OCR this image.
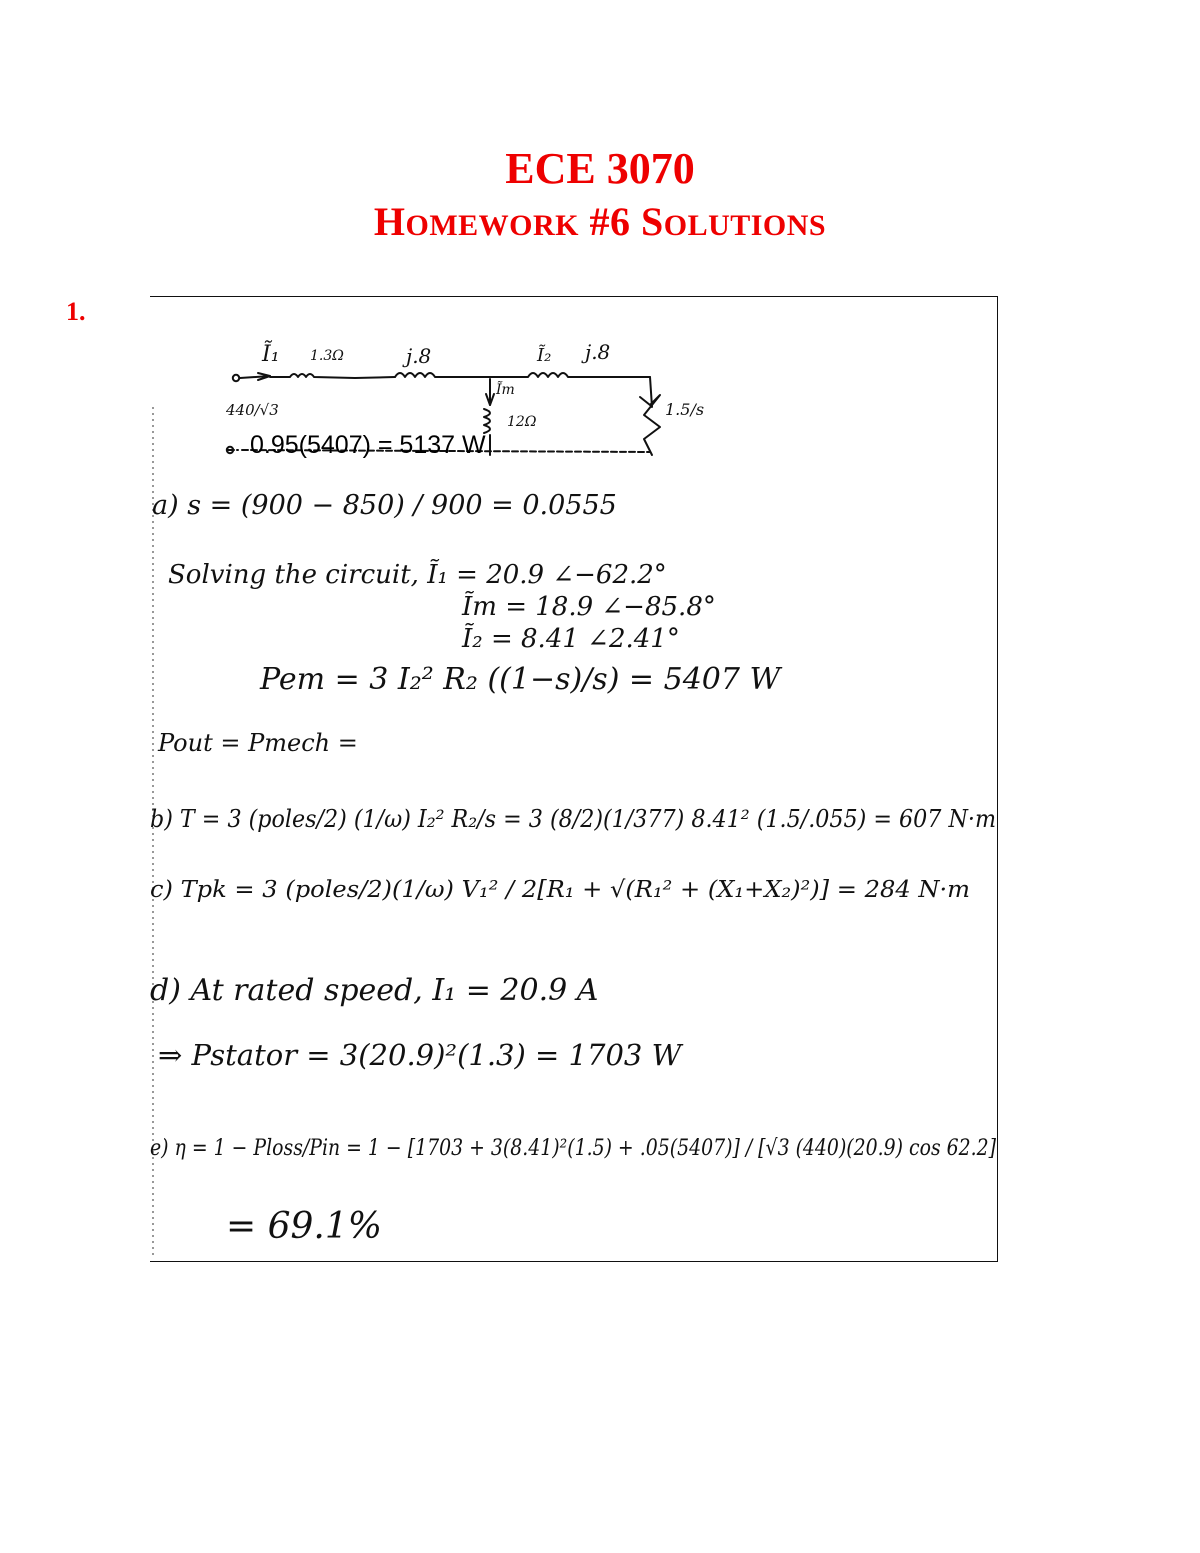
ECE 3070
HOMEWORK #6 SOLUTIONS
1.
Ĩ₁ 1.3Ω	j.8	Ĩ₂ j.8
Ĩm
12Ω
440/√3	1.5/s
a) s = (900 − 850) / 900 = 0.0555
Solving the circuit, Ĩ₁ = 20.9 ∠−62.2°
Ĩm = 18.9 ∠−85.8°
Ĩ₂ = 8.41 ∠2.41°
Pem = 3 I₂² R₂ ((1−s)/s) = 5407 W
Pout = Pmech =
b) T = 3 (poles/2) (1/ω) I₂² R₂/s = 3 (8/2)(1/377) 8.41² (1.5/.055) = 607 N·m
c) Tpk = 3 (poles/2)(1/ω) V₁² / 2[R₁ + √(R₁² + (X₁+X₂)²)] = 284 N·m
d) At rated speed, I₁ = 20.9 A
⇒ Pstator = 3(20.9)²(1.3) = 1703 W
e) η = 1 − Ploss/Pin = 1 − [1703 + 3(8.41)²(1.5) + .05(5407)] / [√3 (440)(20.9) cos 62.2]
= 69.1%
0.95(5407) = 5137 W
